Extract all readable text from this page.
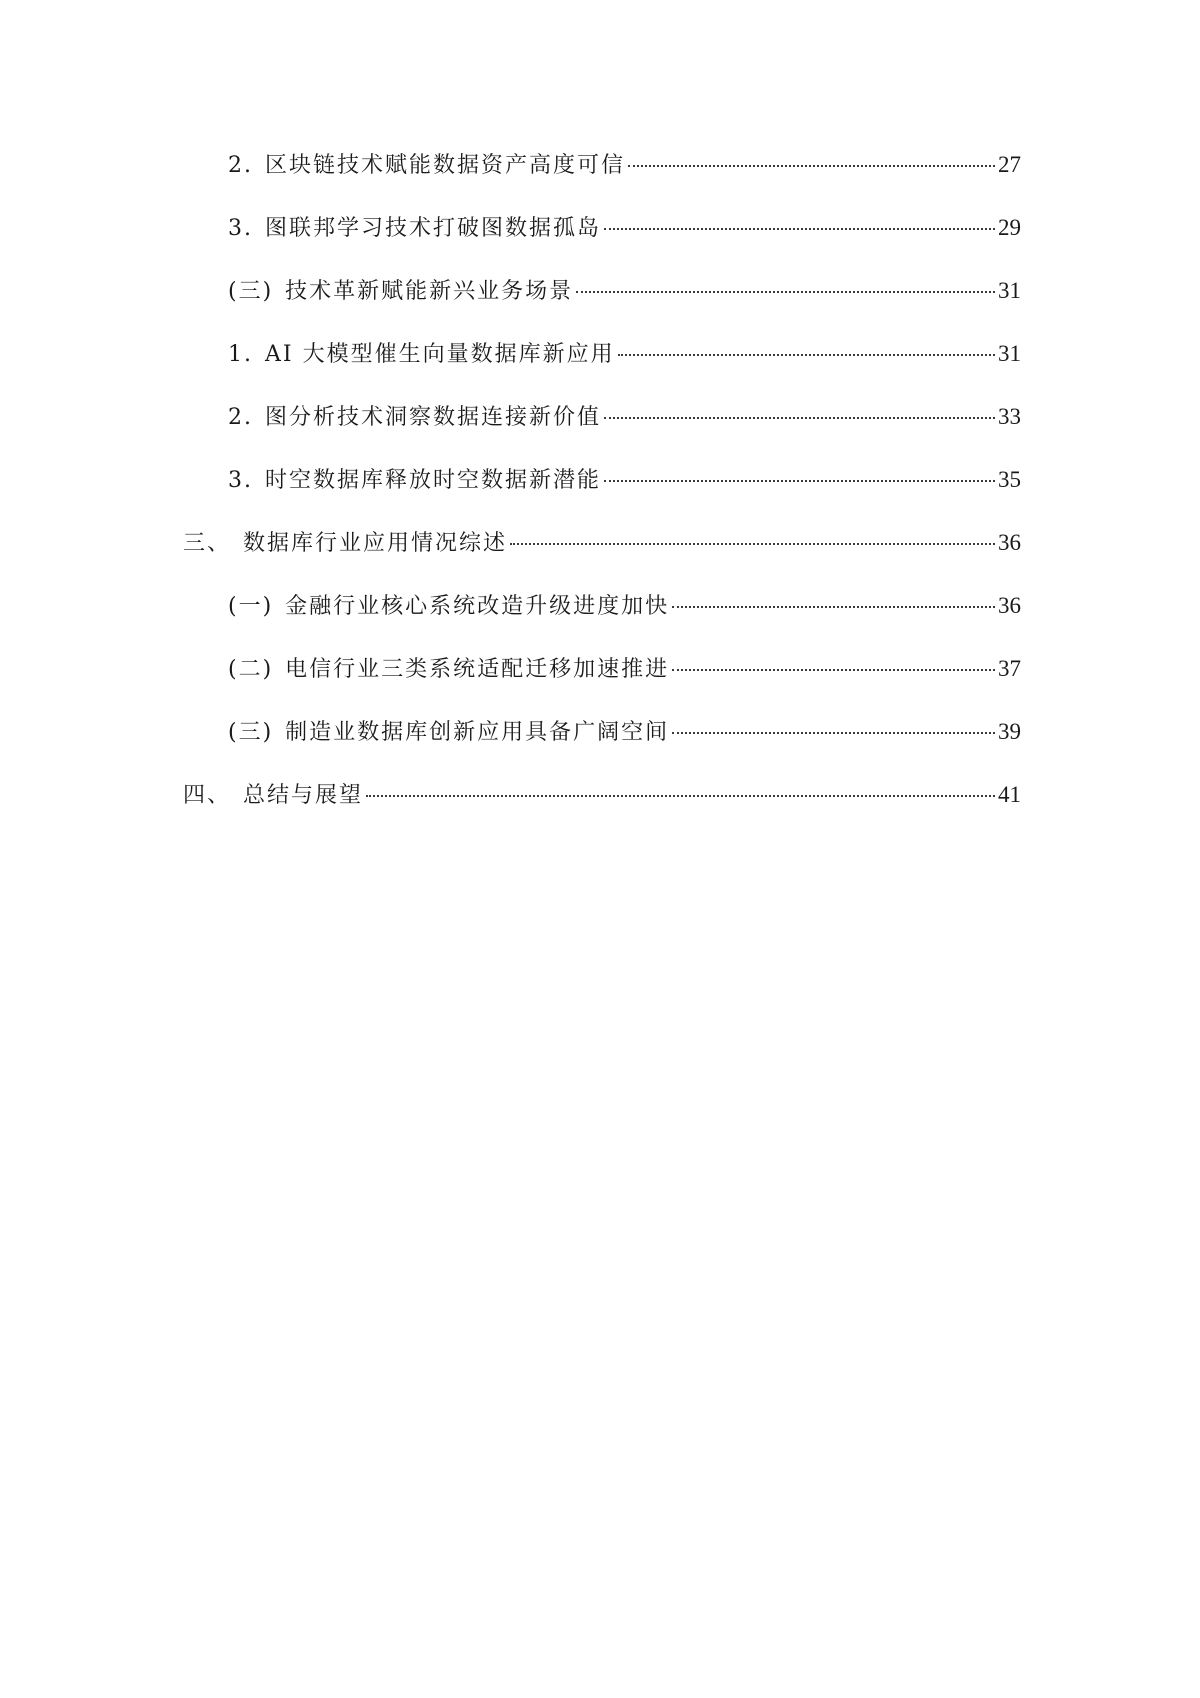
2. 区块链技术赋能数据资产高度可信	27
3. 图联邦学习技术打破图数据孤岛	29
(三) 技术革新赋能新兴业务场景	31
1. AI 大模型催生向量数据库新应用	31
2. 图分析技术洞察数据连接新价值	33
3. 时空数据库释放时空数据新潜能	35
三、 数据库行业应用情况综述	36
(一) 金融行业核心系统改造升级进度加快	36
(二) 电信行业三类系统适配迁移加速推进	37
(三) 制造业数据库创新应用具备广阔空间	39
四、 总结与展望	41
